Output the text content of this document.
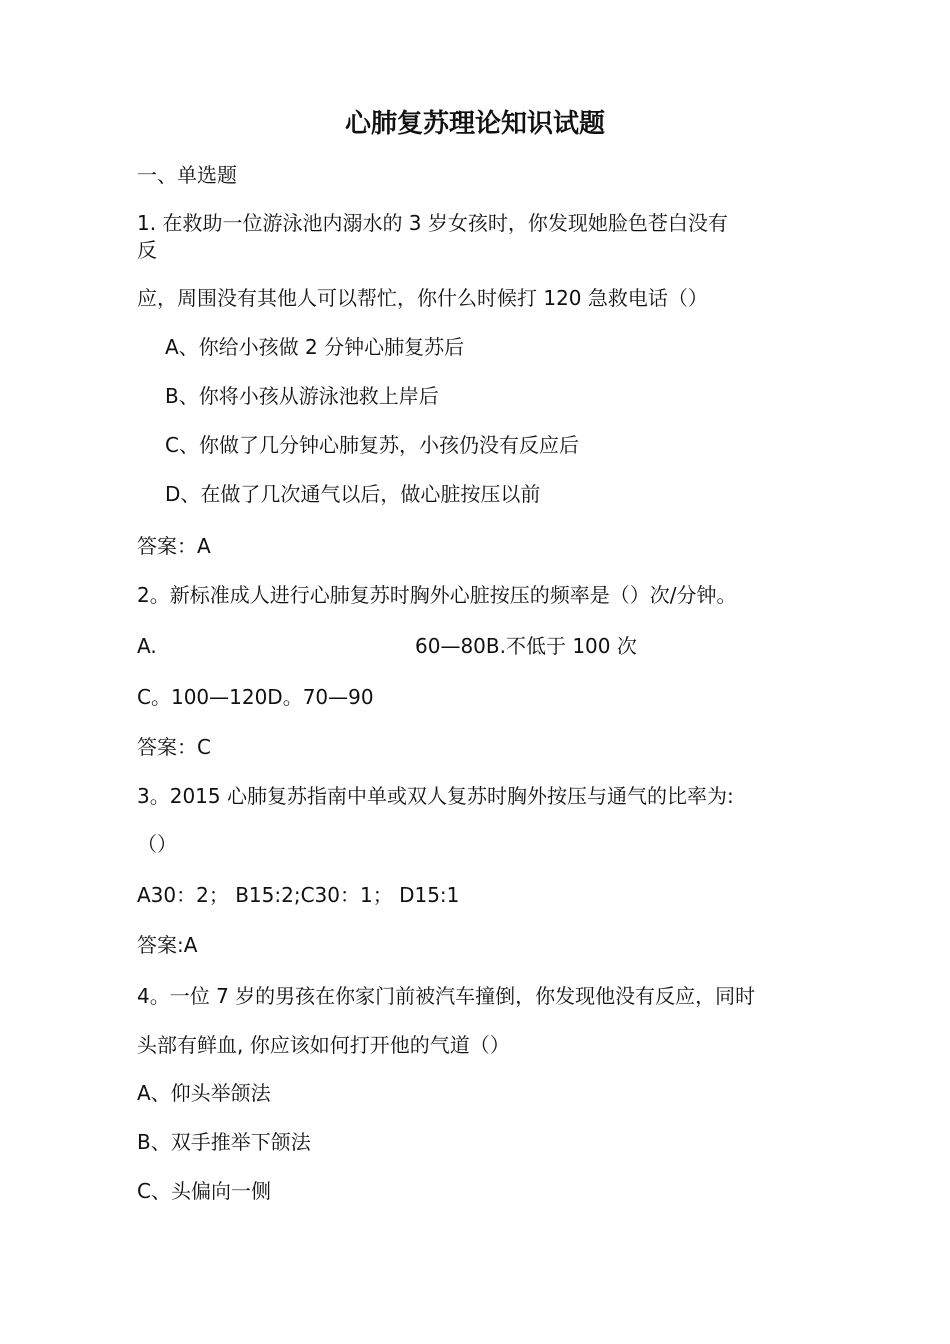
心肺复苏理论知识试题
一、单选题
1. 在救助一位游泳池内溺水的 3 岁女孩时，你发现她脸色苍白没有
反
应，周围没有其他人可以帮忙，你什么时候打 120 急救电话（）
A、你给小孩做 2 分钟心肺复苏后
B、你将小孩从游泳池救上岸后
C、你做了几分钟心肺复苏，小孩仍没有反应后
D、在做了几次通气以后，做心脏按压以前
答案：A
2。新标准成人进行心肺复苏时胸外心脏按压的频率是（）次/分钟。
A.	60—80B.不低于 100 次
C。100—120D。70—90
答案：C
3。2015 心肺复苏指南中单或双人复苏时胸外按压与通气的比率为:
（）
A30：2； B15:2;C30：1； D15:1
答案:A
4。一位 7 岁的男孩在你家门前被汽车撞倒，你发现他没有反应，同时
头部有鲜血, 你应该如何打开他的气道（）
A、仰头举颌法
B、双手推举下颌法
C、头偏向一侧
